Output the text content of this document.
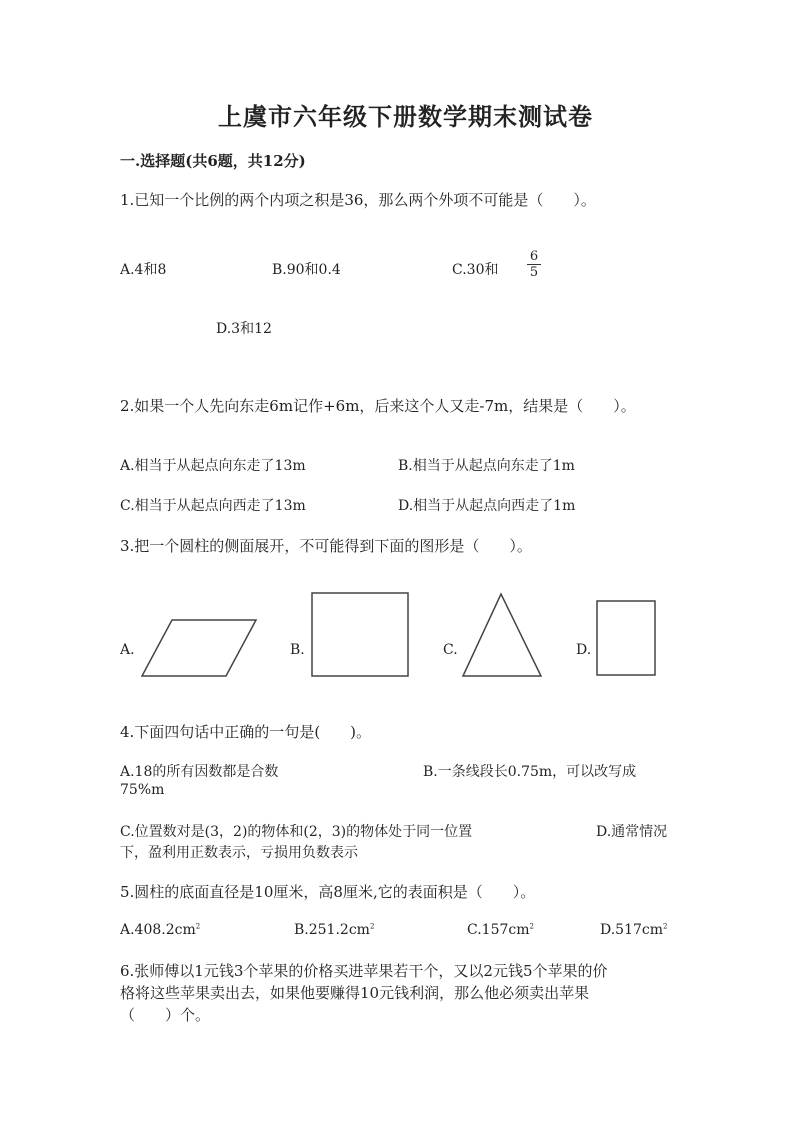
上虞市六年级下册数学期末测试卷
一.选择题(共6题，共12分)
1.已知一个比例的两个内项之积是36，那么两个外项不可能是（　　）。
A.4和8	B.90和0.4	C.30和
6
5
D.3和12
2.如果一个人先向东走6m记作+6m，后来这个人又走-7m，结果是（　　）。
A.相当于从起点向东走了13m	B.相当于从起点向东走了1m
C.相当于从起点向西走了13m	D.相当于从起点向西走了1m
3.把一个圆柱的侧面展开，不可能得到下面的图形是（　　）。
A.	B.	C.	D.
4.下面四句话中正确的一句是(　　)。
A.18的所有因数都是合数	B.一条线段长0.75m，可以改写成
75%m
C.位置数对是(3，2)的物体和(2，3)的物体处于同一位置	D.通常情况
下，盈利用正数表示，亏损用负数表示
5.圆柱的底面直径是10厘米，高8厘米,它的表面积是（　　）。
$A.408.2cm^2$	$B.251.2cm^2$	$C.157cm^2$	$D.517cm^2$
6.张师傅以1元钱3个苹果的价格买进苹果若干个，又以2元钱5个苹果的价
格将这些苹果卖出去，如果他要赚得10元钱利润，那么他必须卖出苹果
（　　）个。
